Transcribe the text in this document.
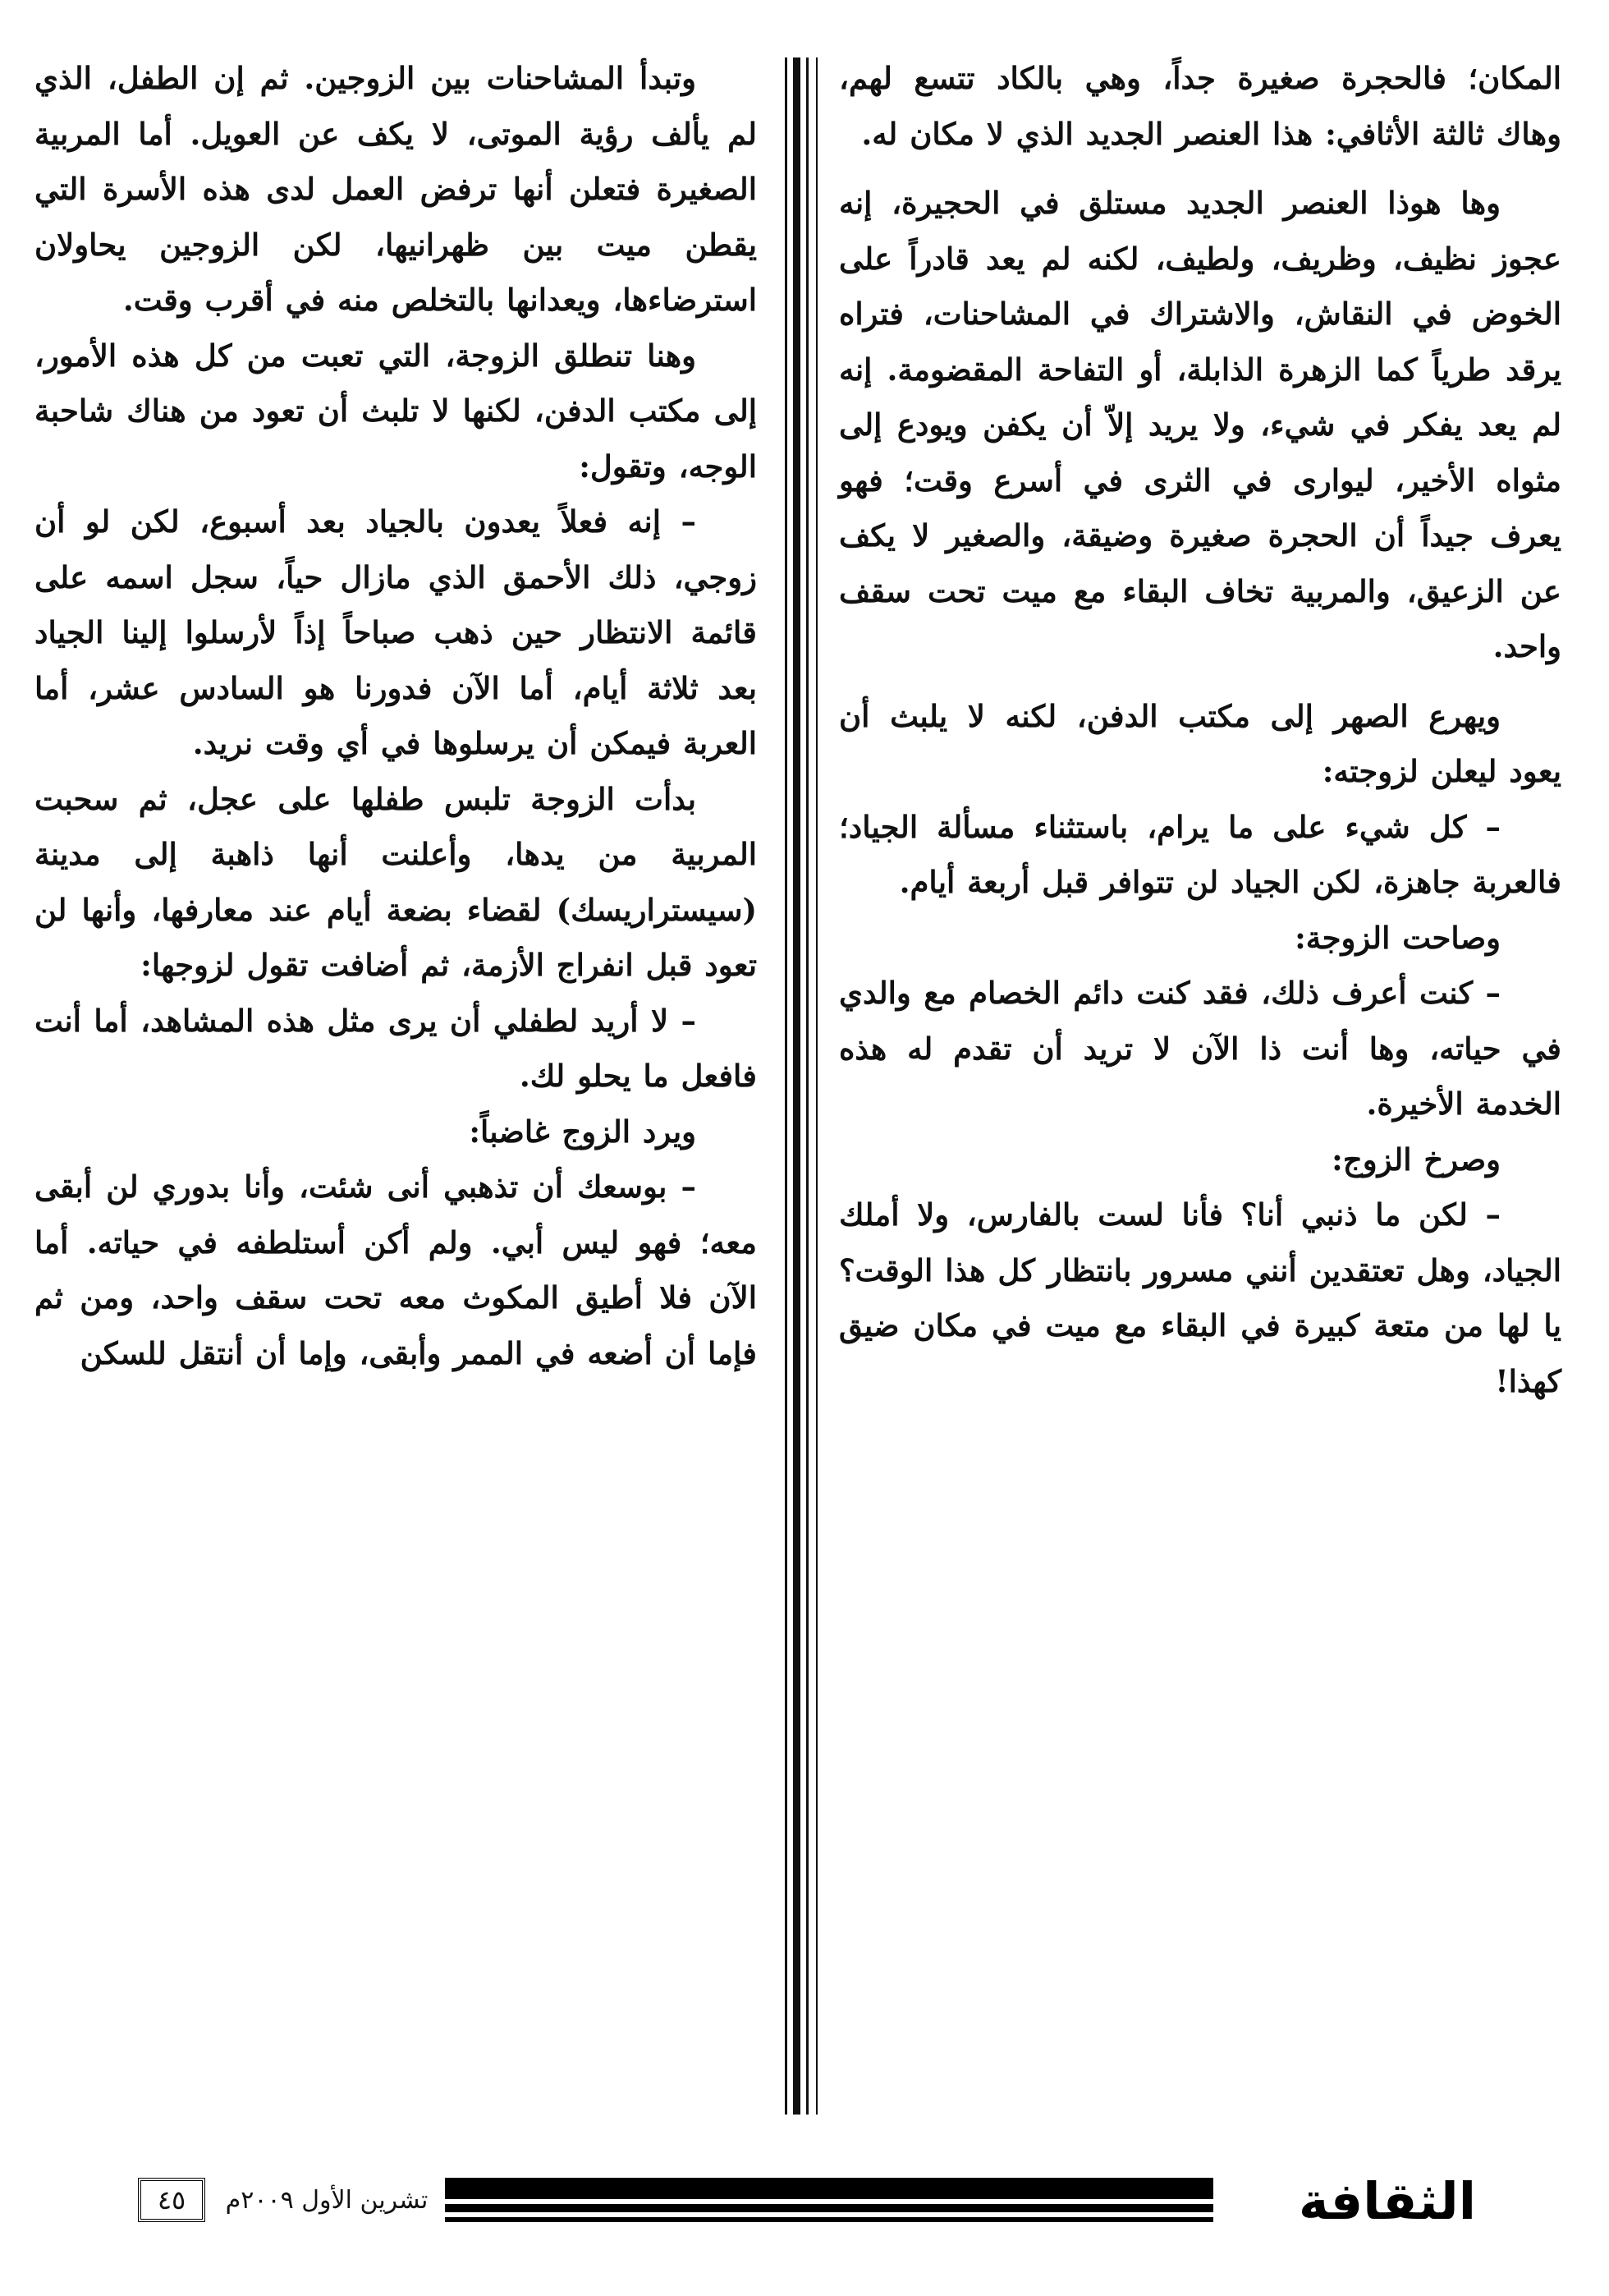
المكان؛ فالحجرة صغيرة جداً، وهي بالكاد تتسع لهم، وهاك ثالثة الأثافي: هذا العنصر الجديد الذي لا مكان له.

وها هوذا العنصر الجديد مستلق في الحجيرة، إنه عجوز نظيف، وظريف، ولطيف، لكنه لم يعد قادراً على الخوض في النقاش، والاشتراك في المشاحنات، فتراه يرقد طرياً كما الزهرة الذابلة، أو التفاحة المقضومة. إنه لم يعد يفكر في شيء، ولا يريد إلاّ أن يكفن ويودع إلى مثواه الأخير، ليوارى في الثرى في أسرع وقت؛ فهو يعرف جيداً أن الحجرة صغيرة وضيقة، والصغير لا يكف عن الزعيق، والمربية تخاف البقاء مع ميت تحت سقف واحد.

ويهرع الصهر إلى مكتب الدفن، لكنه لا يلبث أن يعود ليعلن لزوجته:

– كل شيء على ما يرام، باستثناء مسألة الجياد؛ فالعربة جاهزة، لكن الجياد لن تتوافر قبل أربعة أيام.

وصاحت الزوجة:

– كنت أعرف ذلك، فقد كنت دائم الخصام مع والدي في حياته، وها أنت ذا الآن لا تريد أن تقدم له هذه الخدمة الأخيرة.

وصرخ الزوج:

– لكن ما ذنبي أنا؟ فأنا لست بالفارس، ولا أملك الجياد، وهل تعتقدين أنني مسرور بانتظار كل هذا الوقت؟ يا لها من متعة كبيرة في البقاء مع ميت في مكان ضيق كهذا!

وتبدأ المشاحنات بين الزوجين. ثم إن الطفل، الذي لم يألف رؤية الموتى، لا يكف عن العويل. أما المربية الصغيرة فتعلن أنها ترفض العمل لدى هذه الأسرة التي يقطن ميت بين ظهرانيها، لكن الزوجين يحاولان استرضاءها، ويعدانها بالتخلص منه في أقرب وقت.

وهنا تنطلق الزوجة، التي تعبت من كل هذه الأمور، إلى مكتب الدفن، لكنها لا تلبث أن تعود من هناك شاحبة الوجه، وتقول:

– إنه فعلاً يعدون بالجياد بعد أسبوع، لكن لو أن زوجي، ذلك الأحمق الذي مازال حياً، سجل اسمه على قائمة الانتظار حين ذهب صباحاً إذاً لأرسلوا إلينا الجياد بعد ثلاثة أيام، أما الآن فدورنا هو السادس عشر، أما العربة فيمكن أن يرسلوها في أي وقت نريد.

بدأت الزوجة تلبس طفلها على عجل، ثم سحبت المربية من يدها، وأعلنت أنها ذاهبة إلى مدينة (سيستراريسك) لقضاء بضعة أيام عند معارفها، وأنها لن تعود قبل انفراج الأزمة، ثم أضافت تقول لزوجها:

– لا أريد لطفلي أن يرى مثل هذه المشاهد، أما أنت فافعل ما يحلو لك.

ويرد الزوج غاضباً:

– بوسعك أن تذهبي أنى شئت، وأنا بدوري لن أبقى معه؛ فهو ليس أبي. ولم أكن أستلطفه في حياته. أما الآن فلا أطيق المكوث معه تحت سقف واحد، ومن ثم فإما أن أضعه في الممر وأبقى، وإما أن أنتقل للسكن

الثقافة
تشرين الأول ٢٠٠٩م
٤٥
